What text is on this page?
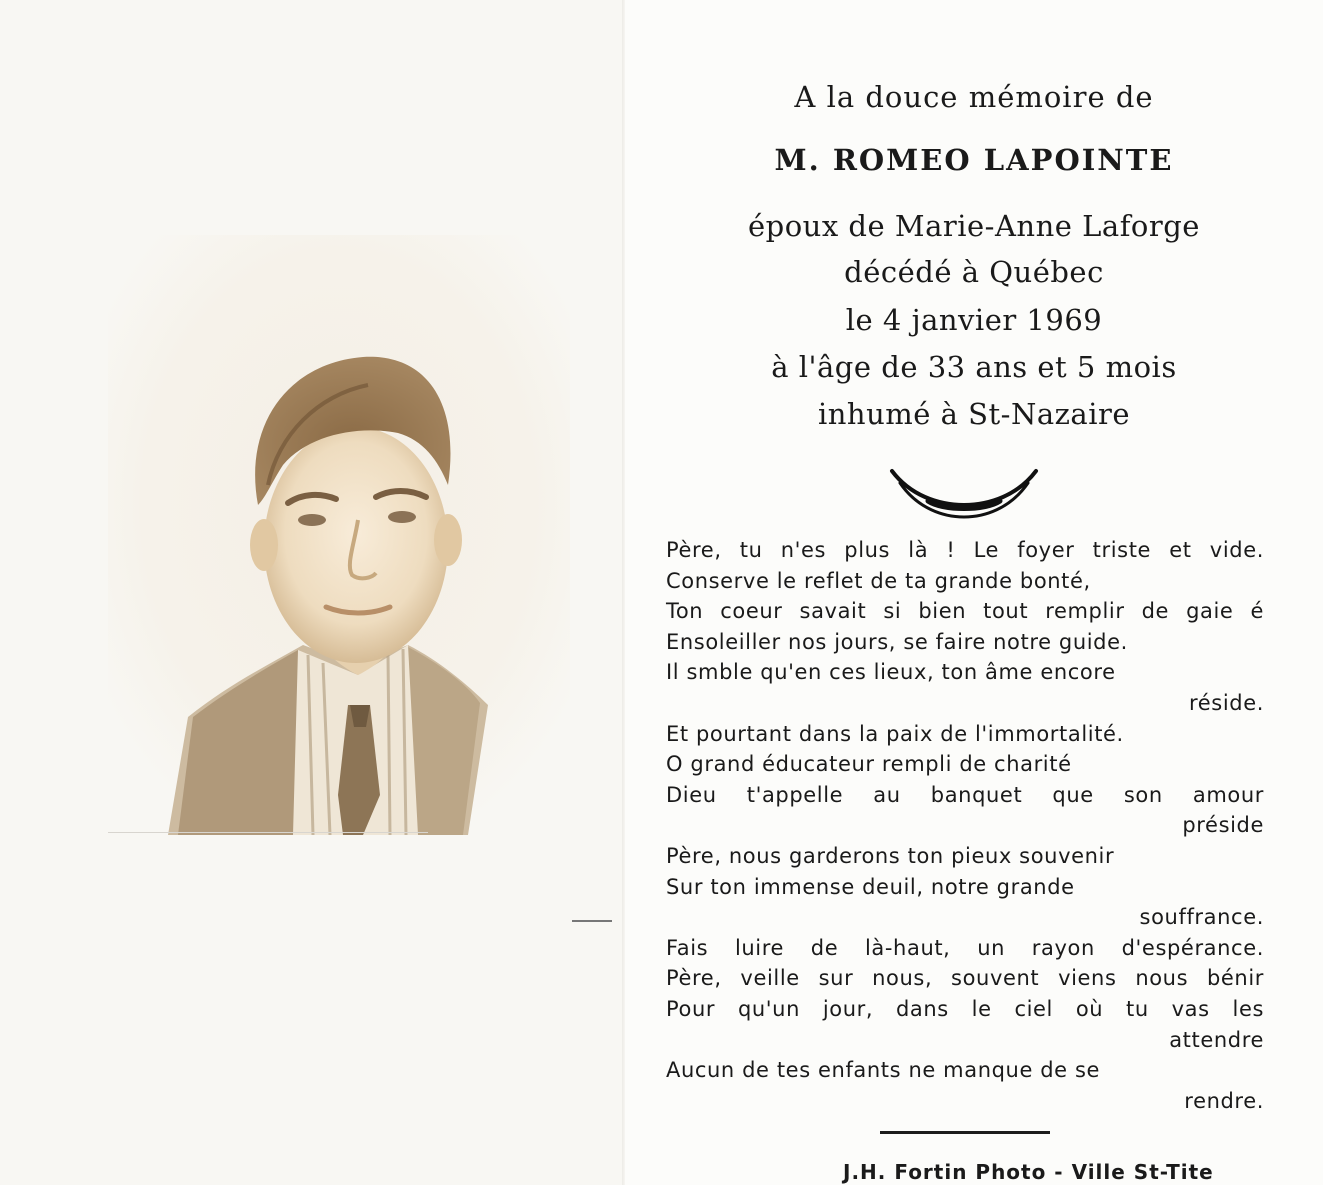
A la douce mémoire de
M. ROMEO LAPOINTE
époux de Marie-Anne Laforge
décédé à Québec
le 4 janvier 1969
à l'âge de 33 ans et 5 mois
inhumé à St-Nazaire
Père, tu n'es plus là ! Le foyer triste et vide.
Conserve le reflet de ta grande bonté,
Ton coeur savait si bien tout remplir de gaie é
Ensoleiller nos jours, se faire notre guide.
Il smble qu'en ces lieux, ton âme encore
réside.
Et pourtant dans la paix de l'immortalité.
O grand éducateur rempli de charité
Dieu t'appelle au banquet que son amour
préside
Père, nous garderons ton pieux souvenir
Sur ton immense deuil, notre grande
souffrance.
Fais luire de là-haut, un rayon d'espérance.
Père, veille sur nous, souvent viens nous bénir
Pour qu'un jour, dans le ciel où tu vas les
attendre
Aucun de tes enfants ne manque de se
rendre.
J.H. Fortin Photo - Ville St-Tite
